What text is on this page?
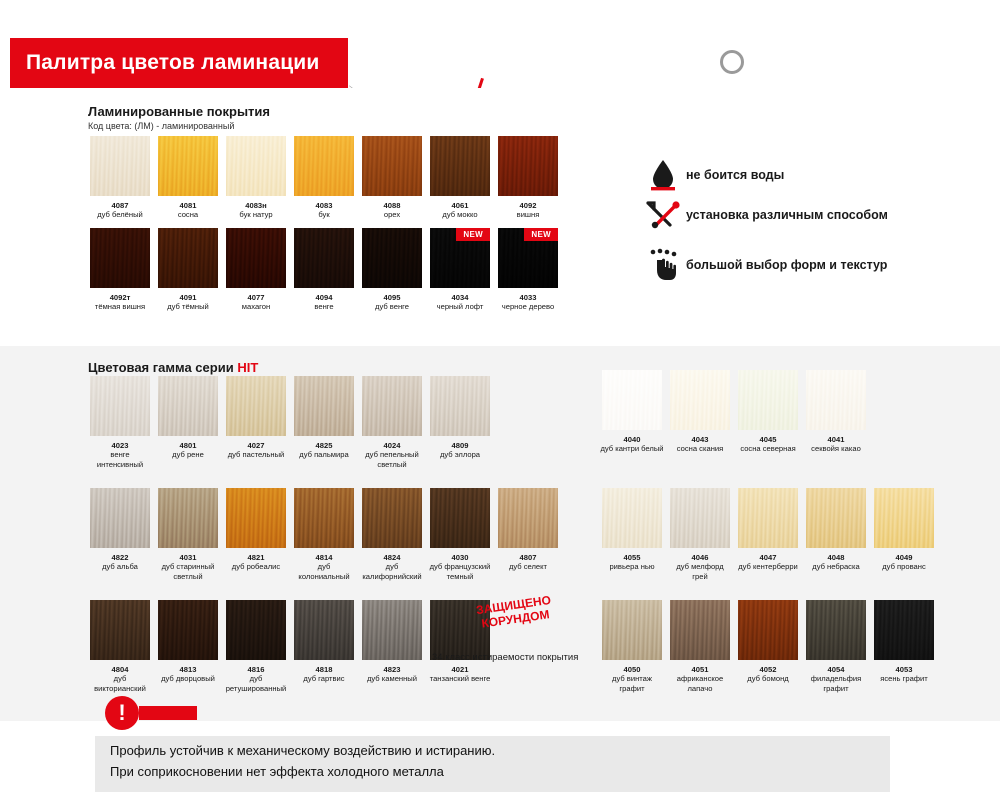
Палитра цветов ламинации
Ламинированные покрытия
Код цвета: (ЛМ) - ламинированный
4087
дуб белёный
4081
сосна
4083н
бук натур
4083
бук
4088
орех
4061
дуб мокко
4092
вишня
4092т
тёмная вишня
4091
дуб тёмный
4077
махагон
4094
венге
4095
дуб венге
NEW
4034
черный лофт
NEW
4033
черное дерево
не боится воды
установка различным способом
большой выбор форм и текстур
Цветовая гамма серии HIT
4023
венге интенсивный
4801
дуб рене
4027
дуб пастельный
4825
дуб пальмира
4024
дуб пепельный светлый
4809
дуб эллора
4822
дуб альба
4031
дуб старинный светлый
4821
дуб робеалис
4814
дуб колониальный
4824
дуб калифорнийский
4030
дуб французский темный
4807
дуб селект
4804
дуб викторианский
4813
дуб дворцовый
4816
дуб ретушированный
4818
дуб гартвис
4823
дуб каменный
4021
танзанский венге
ЗАЩИЩЕНО КОРУНДОМ
34 класс истираемости покрытия
4040
дуб кантри белый
4043
сосна скания
4045
сосна северная
4041
секвойя какао
4055
ривьера нью
4046
дуб мелфорд грей
4047
дуб кентерберри
4048
дуб небраска
4049
дуб прованс
4050
дуб винтаж графит
4051
африканское лапачо
4052
дуб бомонд
4054
филадельфия графит
4053
ясень графит
!
Профиль устойчив к механическому воздействию и истиранию.
При соприкосновении нет эффекта холодного металла
